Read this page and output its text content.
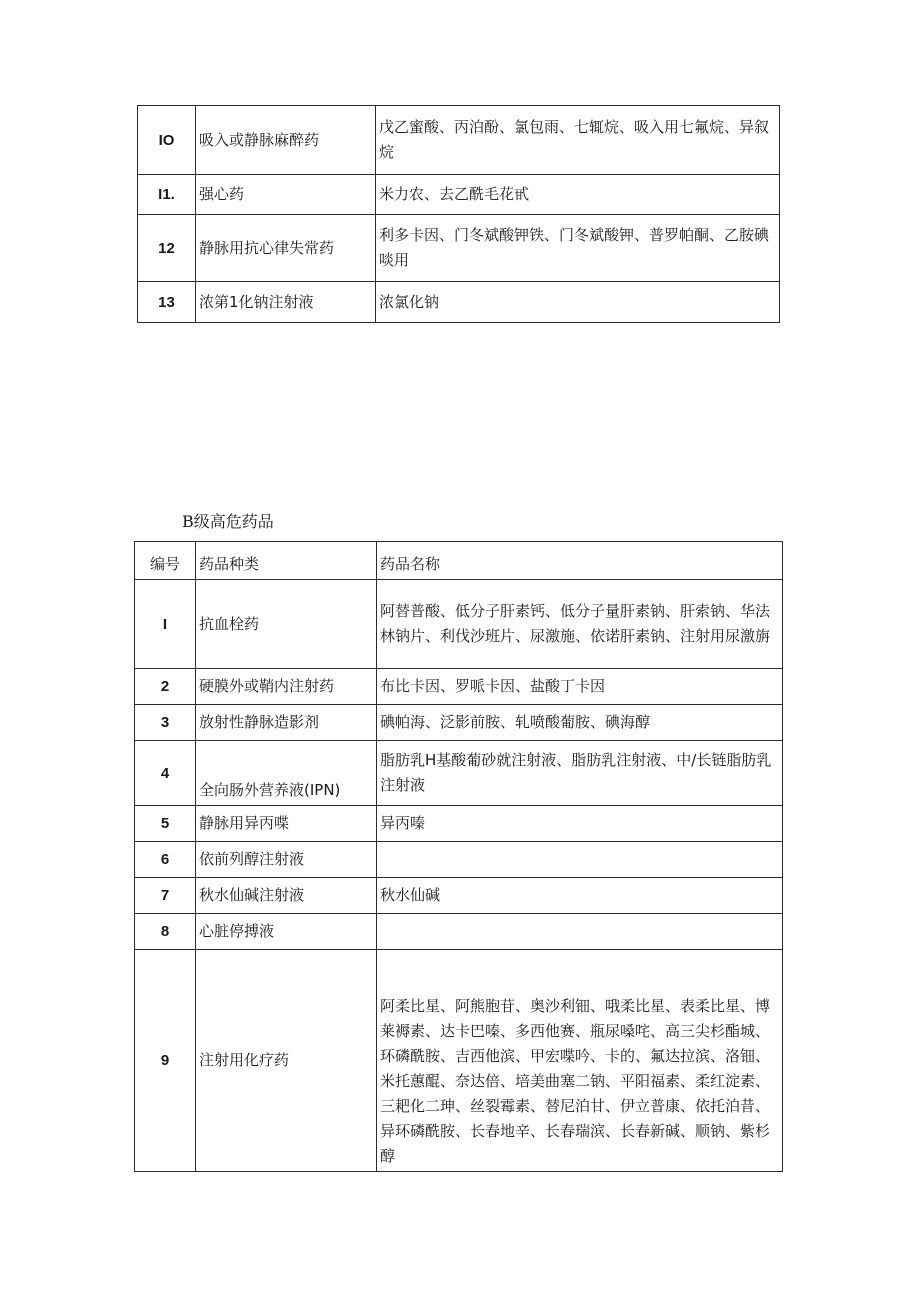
IO	吸入或静脉麻醉药	戊乙蜜酸、丙泊酚、氯包雨、七辄烷、吸入用七氟烷、异叙烷
I1.	强心药	米力农、去乙酰毛花甙
12	静脉用抗心律失常药	利多卡因、门冬斌酸钾铁、门冬斌酸钾、普罗帕酮、乙胺碘啖用
13	浓第1化钠注射液	浓氯化钠
B级高危药品
编号	药品种类	药品名称
I	抗血栓药	阿替普酸、低分子肝素钙、低分子量肝素钠、肝索钠、华法林钠片、利伐沙班片、尿激施、依诺肝素钠、注射用尿激旃
2	硬膜外或鞘内注射药	布比卡因、罗哌卡因、盐酸丁卡因
3	放射性静脉造影剂	碘帕海、泛影前胺、轧喷酸葡胺、碘海醇
4	全向肠外营养液(IPN)	脂肪乳H基酸葡砂就注射液、脂肪乳注射液、中/长链脂肪乳注射液
5	静脉用异丙喋	异丙嗪
6	依前列醇注射液	
7	秋水仙碱注射液	秋水仙碱
8	心脏停搏液	
9	注射用化疗药	阿柔比星、阿熊胞苷、奥沙利钿、哦柔比星、表柔比星、博莱褥素、达卡巴嗪、多西他赛、瓶尿嗓咤、高三尖杉酯城、环磷酰胺、吉西他滨、甲宏喋吟、卡的、氟达拉滨、洛钿、米托蕙醌、奈达倍、培美曲塞二钠、平阳福素、柔红淀素、三耙化二珅、丝裂霉素、替尼泊甘、伊立普康、依托泊昔、异环磷酰胺、长春地辛、长春瑞滨、长春新碱、顺钠、紫杉醇
